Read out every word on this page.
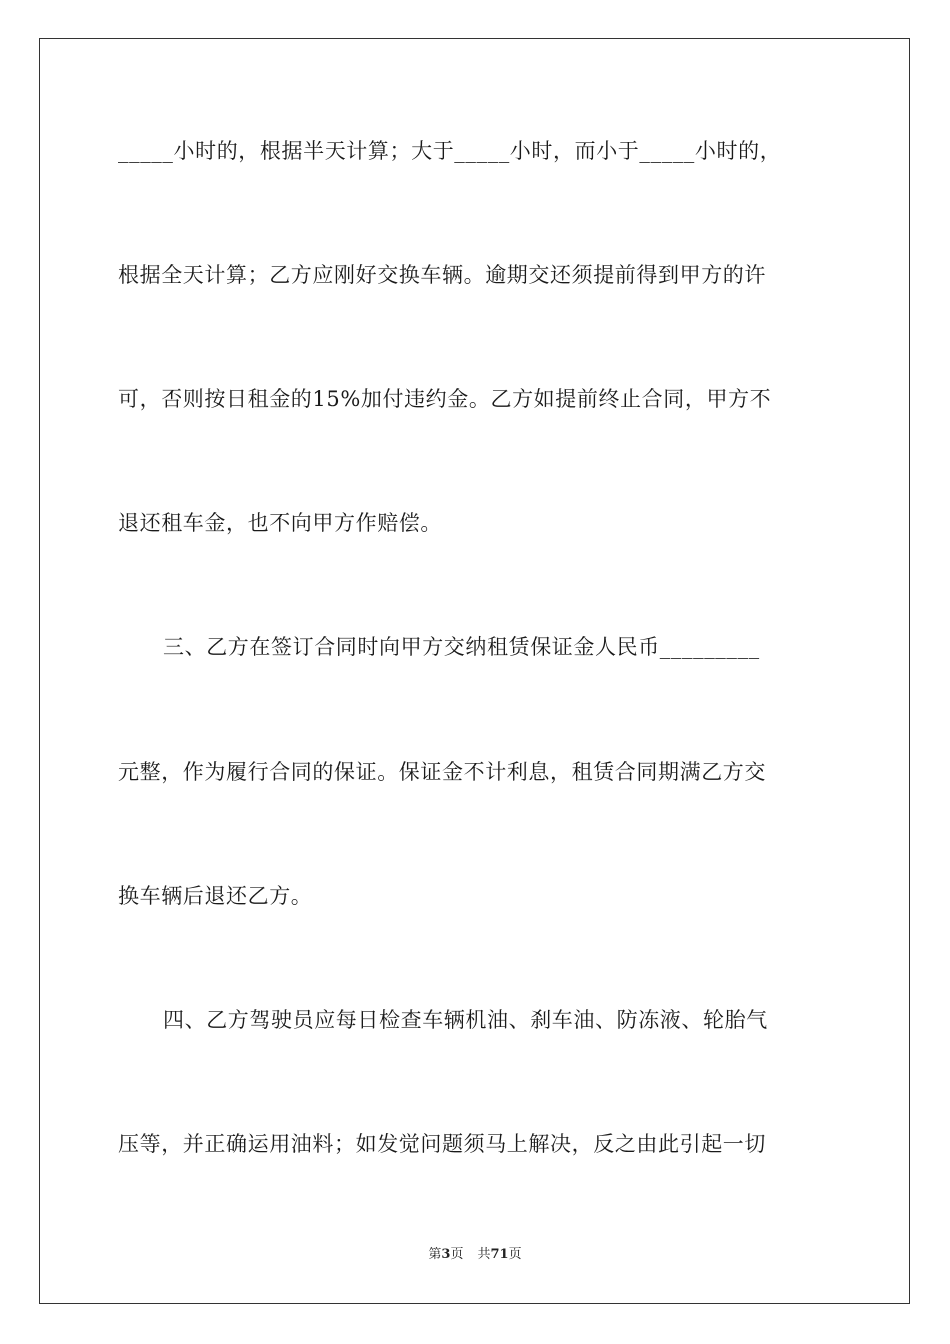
_____小时的，根据半天计算；大于_____小时，而小于_____小时的，
根据全天计算；乙方应刚好交换车辆。逾期交还须提前得到甲方的许
可，否则按日租金的15%加付违约金。乙方如提前终止合同，甲方不
退还租车金，也不向甲方作赔偿。
三、乙方在签订合同时向甲方交纳租赁保证金人民币_________
元整，作为履行合同的保证。保证金不计利息，租赁合同期满乙方交
换车辆后退还乙方。
四、乙方驾驶员应每日检查车辆机油、刹车油、防冻液、轮胎气
压等，并正确运用油料；如发觉问题须马上解决，反之由此引起一切
第3页 共71页
